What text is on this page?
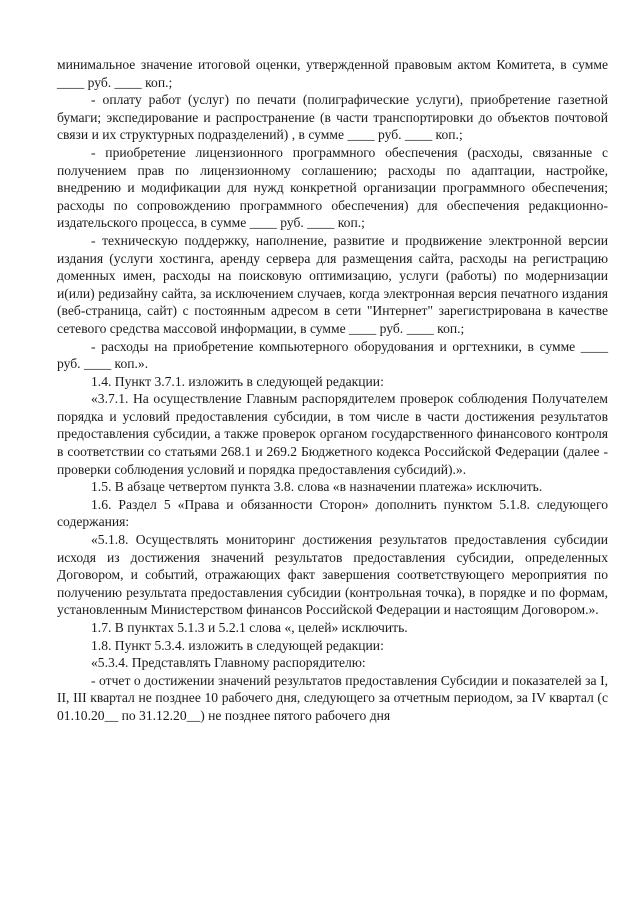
минимальное значение итоговой оценки, утвержденной правовым актом Комитета, в сумме ____ руб. ____ коп.;

- оплату работ (услуг) по печати (полиграфические услуги), приобретение газетной бумаги; экспедирование и распространение (в части транспортировки до объектов почтовой связи и их структурных подразделений) , в сумме ____ руб. ____ коп.;

- приобретение лицензионного программного обеспечения (расходы, связанные с получением прав по лицензионному соглашению; расходы по адаптации, настройке, внедрению и модификации для нужд конкретной организации программного обеспечения; расходы по сопровождению программного обеспечения) для обеспечения редакционно-издательского процесса, в сумме ____ руб. ____ коп.;

- техническую поддержку, наполнение, развитие и продвижение электронной версии издания (услуги хостинга, аренду сервера для размещения сайта, расходы на регистрацию доменных имен, расходы на поисковую оптимизацию, услуги (работы) по модернизации и(или) редизайну сайта, за исключением случаев, когда электронная версия печатного издания (веб-страница, сайт) с постоянным адресом в сети "Интернет" зарегистрирована в качестве сетевого средства массовой информации, в сумме ____ руб. ____ коп.;

- расходы на приобретение компьютерного оборудования и оргтехники, в сумме ____ руб. ____ коп.».

1.4. Пункт 3.7.1. изложить в следующей редакции:

«3.7.1. На осуществление Главным распорядителем проверок соблюдения Получателем порядка и условий предоставления субсидии, в том числе в части достижения результатов предоставления субсидии, а также проверок органом государственного финансового контроля в соответствии со статьями 268.1 и 269.2 Бюджетного кодекса Российской Федерации (далее - проверки соблюдения условий и порядка предоставления субсидий).».

1.5. В абзаце четвертом пункта 3.8. слова «в назначении платежа» исключить.

1.6. Раздел 5 «Права и обязанности Сторон» дополнить пунктом 5.1.8. следующего содержания:

«5.1.8. Осуществлять мониторинг достижения результатов предоставления субсидии исходя из достижения значений результатов предоставления субсидии, определенных Договором, и событий, отражающих факт завершения соответствующего мероприятия по получению результата предоставления субсидии (контрольная точка), в порядке и по формам, установленным Министерством финансов Российской Федерации и настоящим Договором.».

1.7. В пунктах 5.1.3 и 5.2.1 слова «, целей» исключить.

1.8. Пункт 5.3.4. изложить в следующей редакции:

«5.3.4. Представлять Главному распорядителю:

- отчет о достижении значений результатов предоставления Субсидии и показателей за I, II, III квартал не позднее 10 рабочего дня, следующего за отчетным периодом, за IV квартал (с 01.10.20__ по 31.12.20__) не позднее пятого рабочего дня
